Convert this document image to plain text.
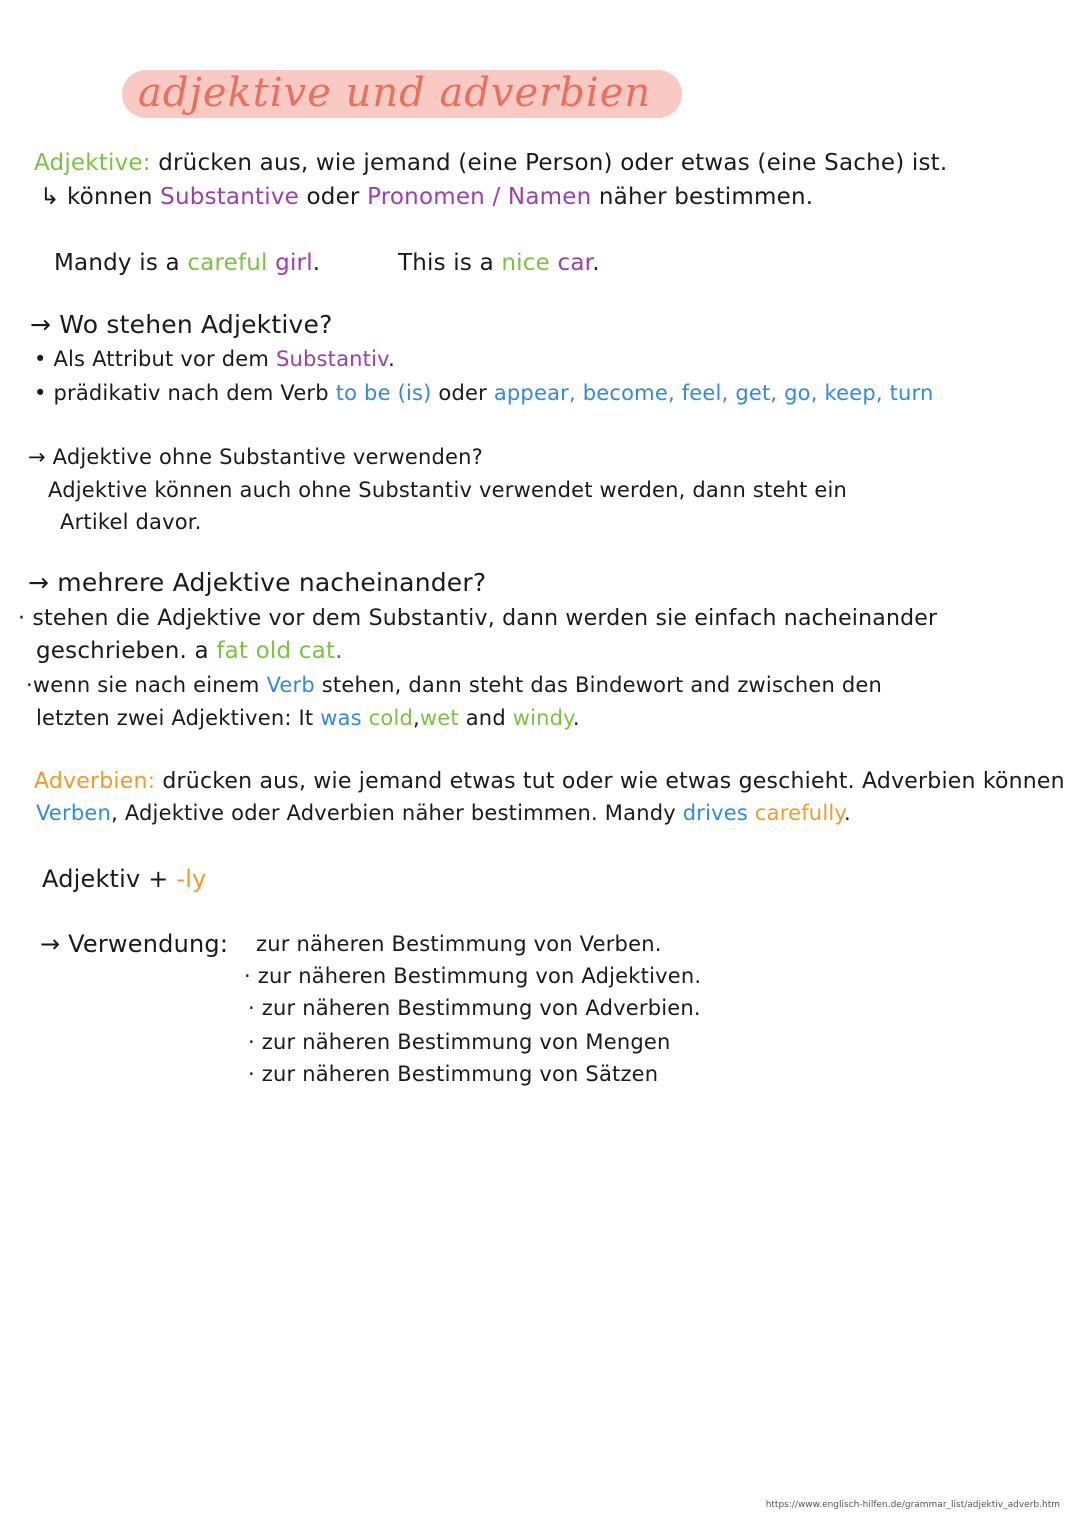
adjektive und adverbien
Adjektive: drücken aus, wie jemand (eine Person) oder etwas (eine Sache) ist.
↳ können Substantive oder Pronomen / Namen näher bestimmen.
Mandy is a careful girl.	This is a nice car.
→ Wo stehen Adjektive?
• Als Attribut vor dem Substantiv.
• prädikativ nach dem Verb to be (is) oder appear, become, feel, get, go, keep, turn
→ Adjektive ohne Substantive verwenden?
Adjektive können auch ohne Substantiv verwendet werden, dann steht ein
Artikel davor.
→ mehrere Adjektive nacheinander?
· stehen die Adjektive vor dem Substantiv, dann werden sie einfach nacheinander
geschrieben. a fat old cat.
·wenn sie nach einem Verb stehen, dann steht das Bindewort and zwischen den
letzten zwei Adjektiven: It was cold,wet and windy.
Adverbien: drücken aus, wie jemand etwas tut oder wie etwas geschieht. Adverbien können
Verben, Adjektive oder Adverbien näher bestimmen. Mandy drives carefully.
Adjektiv + -ly
→ Verwendung: zur näheren Bestimmung von Verben.
· zur näheren Bestimmung von Adjektiven.
· zur näheren Bestimmung von Adverbien.
· zur näheren Bestimmung von Mengen
· zur näheren Bestimmung von Sätzen
https://www.englisch-hilfen.de/grammar_list/adjektiv_adverb.htm
